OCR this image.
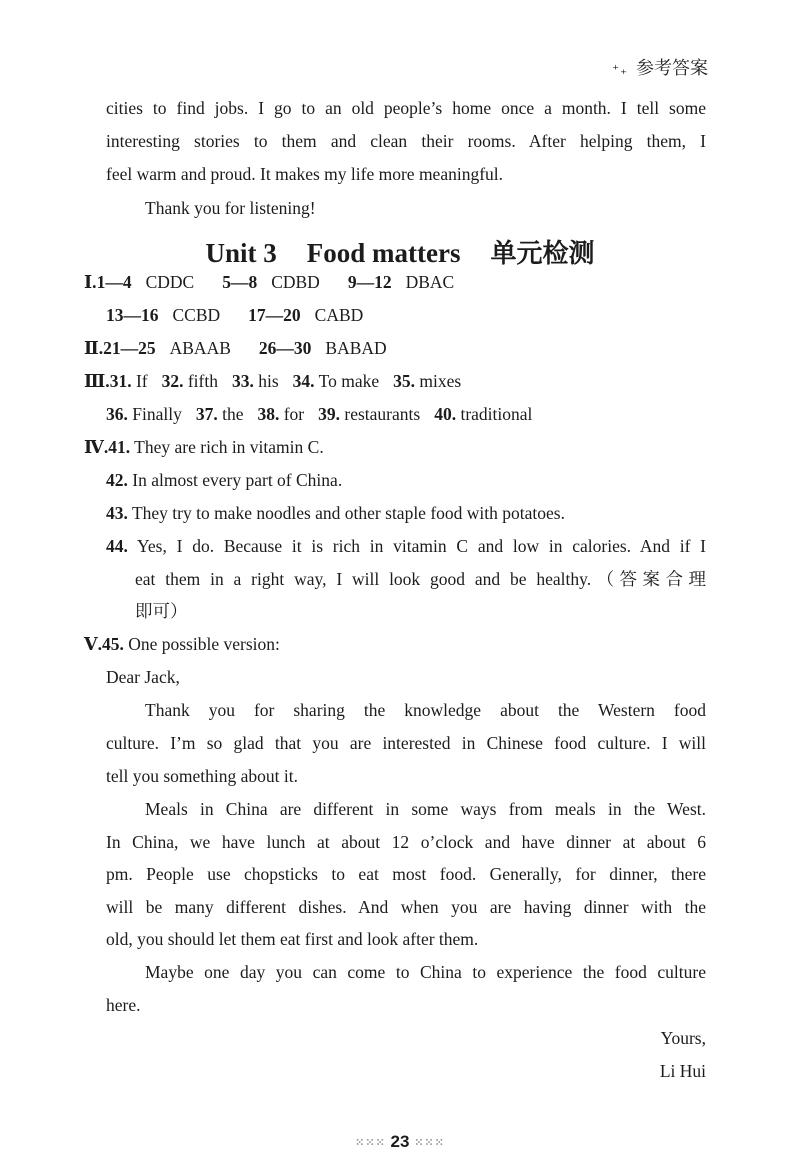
⁺₊ 参考答案
cities to find jobs. I go to an old people’s home once a month. I tell some
interesting stories to them and clean their rooms. After helping them, I
feel warm and proud. It makes my life more meaningful.
Thank you for listening!
Unit 3 Food matters 单元检测
Ⅰ.1—4 CDDC 5—8 CDBD 9—12 DBAC
13—16 CCBD 17—20 CABD
Ⅱ.21—25 ABAAB 26—30 BABAD
Ⅲ.31. If 32. fifth 33. his 34. To make 35. mixes
36. Finally 37. the 38. for 39. restaurants 40. traditional
Ⅳ.41. They are rich in vitamin C.
42. In almost every part of China.
43. They try to make noodles and other staple food with potatoes.
44. Yes, I do. Because it is rich in vitamin C and low in calories. And if I
eat them in a right way, I will look good and be healthy.（答案合理
即可）
Ⅴ.45. One possible version:
Dear Jack,
Thank you for sharing the knowledge about the Western food
culture. I’m so glad that you are interested in Chinese food culture. I will
tell you something about it.
Meals in China are different in some ways from meals in the West.
In China, we have lunch at about 12 o’clock and have dinner at about 6
pm. People use chopsticks to eat most food. Generally, for dinner, there
will be many different dishes. And when you are having dinner with the
old, you should let them eat first and look after them.
Maybe one day you can come to China to experience the food culture
here.
Yours,
Li Hui
⁙⁙⁙ 23 ⁙⁙⁙
